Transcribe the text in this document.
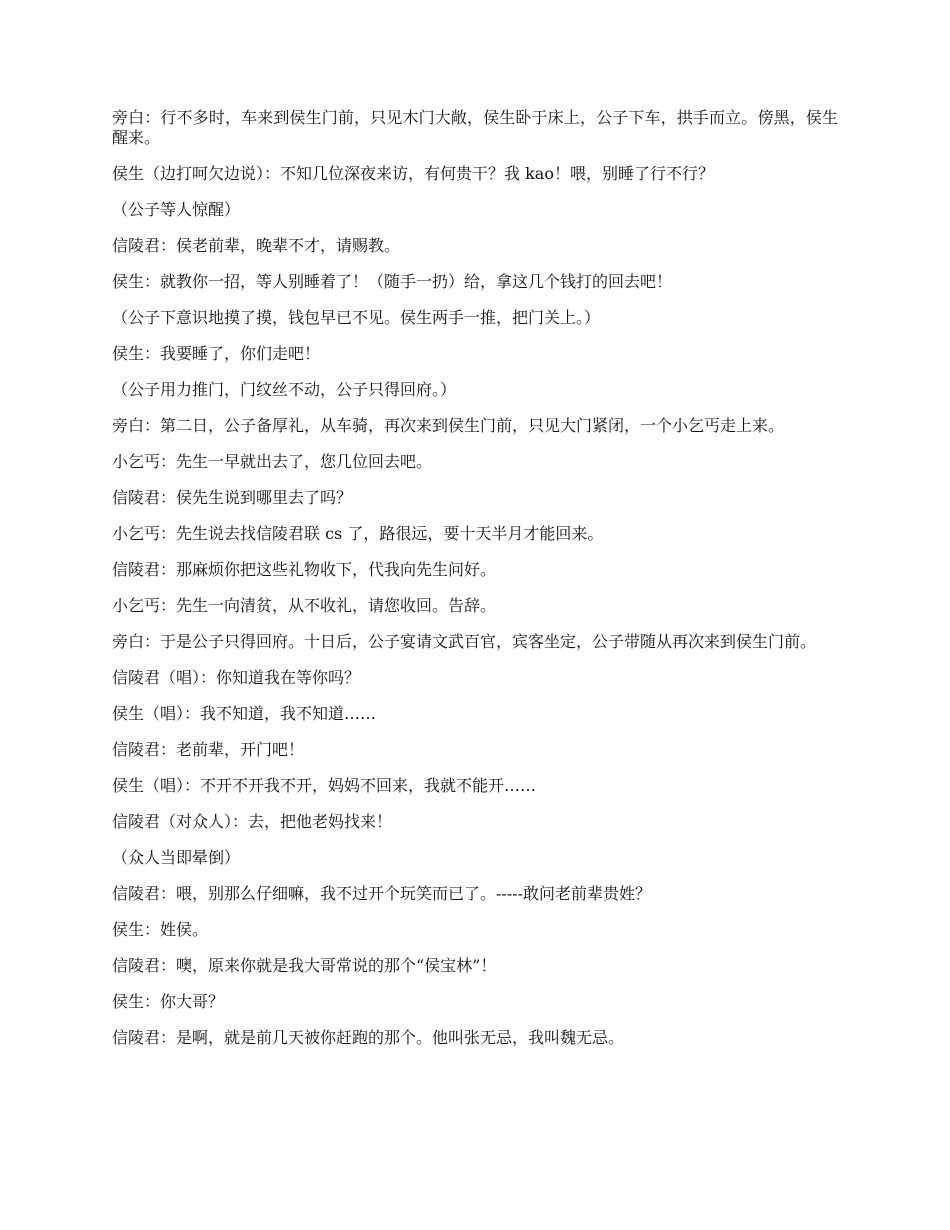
旁白：行不多时，车来到侯生门前，只见木门大敞，侯生卧于床上，公子下车，拱手而立。傍黑，侯生醒来。

侯生（边打呵欠边说）：不知几位深夜来访，有何贵干？我 kao！喂，别睡了行不行？

（公子等人惊醒）

信陵君：侯老前辈，晚辈不才，请赐教。

侯生：就教你一招，等人别睡着了！（随手一扔）给，拿这几个钱打的回去吧！

（公子下意识地摸了摸，钱包早已不见。侯生两手一推，把门关上。）

侯生：我要睡了，你们走吧！

（公子用力推门，门纹丝不动，公子只得回府。）

旁白：第二日，公子备厚礼，从车骑，再次来到侯生门前，只见大门紧闭，一个小乞丐走上来。

小乞丐：先生一早就出去了，您几位回去吧。

信陵君：侯先生说到哪里去了吗？

小乞丐：先生说去找信陵君联 cs 了，路很远，要十天半月才能回来。

信陵君：那麻烦你把这些礼物收下，代我向先生问好。

小乞丐：先生一向清贫，从不收礼，请您收回。告辞。

旁白：于是公子只得回府。十日后，公子宴请文武百官，宾客坐定，公子带随从再次来到侯生门前。

信陵君（唱）：你知道我在等你吗？

侯生（唱）：我不知道，我不知道……

信陵君：老前辈，开门吧！

侯生（唱）：不开不开我不开，妈妈不回来，我就不能开……

信陵君（对众人）：去，把他老妈找来！

（众人当即晕倒）

信陵君：喂，别那么仔细嘛，我不过开个玩笑而已了。-----敢问老前辈贵姓？

侯生：姓侯。

信陵君：噢，原来你就是我大哥常说的那个“侯宝林”！

侯生：你大哥？

信陵君：是啊，就是前几天被你赶跑的那个。他叫张无忌，我叫魏无忌。
